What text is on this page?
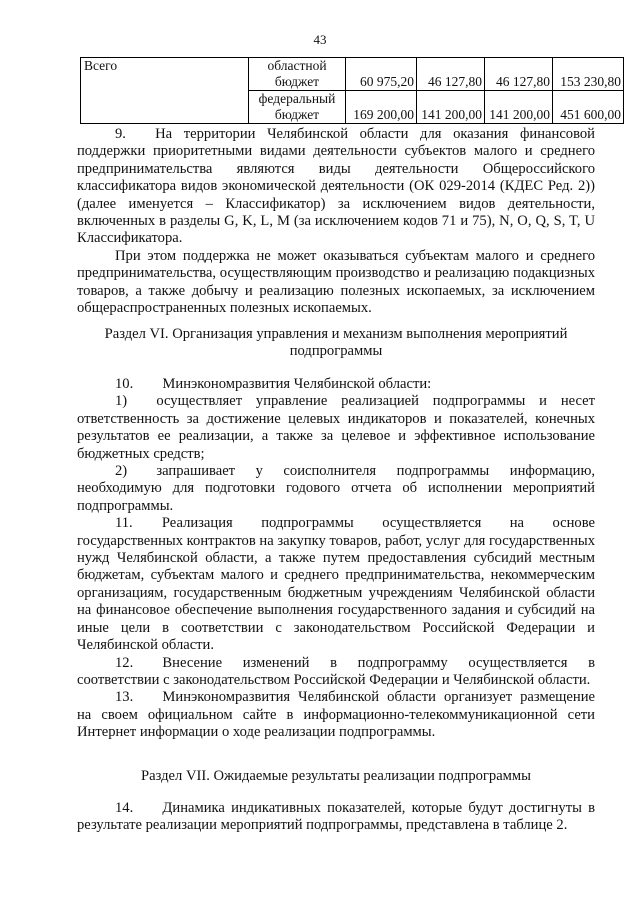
43
Всего	областной бюджет	60 975,20	46 127,80	46 127,80	153 230,80
	федеральный бюджет	169 200,00	141 200,00	141 200,00	451 600,00

9.  На территории Челябинской области для оказания финансовой поддержки приоритетными видами деятельности субъектов малого и среднего предпринимательства являются виды деятельности Общероссийского классификатора видов экономической деятельности (ОК 029-2014 (КДЕС Ред. 2)) (далее именуется – Классификатор) за исключением видов деятельности, включенных в разделы G, K, L, M (за исключением кодов 71 и 75), N, O, Q, S, T, U Классификатора.

При этом поддержка не может оказываться субъектам малого и среднего предпринимательства, осуществляющим производство и реализацию подакцизных товаров, а также добычу и реализацию полезных ископаемых, за исключением общераспространенных полезных ископаемых.

Раздел VI. Организация управления и механизм выполнения мероприятий подпрограммы

10.  Минэкономразвития Челябинской области:

1)  осуществляет управление реализацией подпрограммы и несет ответственность за достижение целевых индикаторов и показателей, конечных результатов ее реализации, а также за целевое и эффективное использование бюджетных средств;

2)  запрашивает у соисполнителя подпрограммы информацию, необходимую для подготовки годового отчета об исполнении мероприятий подпрограммы.

11.  Реализация подпрограммы осуществляется на основе государственных контрактов на закупку товаров, работ, услуг для государственных нужд Челябинской области, а также путем предоставления субсидий местным бюджетам, субъектам малого и среднего предпринимательства, некоммерческим организациям, государственным бюджетным учреждениям Челябинской области на финансовое обеспечение выполнения государственного задания и субсидий на иные цели в соответствии с законодательством Российской Федерации и Челябинской области.

12.  Внесение изменений в подпрограмму осуществляется в соответствии с законодательством Российской Федерации и Челябинской области.

13.  Минэкономразвития Челябинской области организует размещение на своем официальном сайте в информационно-телекоммуникационной сети Интернет информации о ходе реализации подпрограммы.

Раздел VII. Ожидаемые результаты реализации подпрограммы

14.  Динамика индикативных показателей, которые будут достигнуты в результате реализации мероприятий подпрограммы, представлена в таблице 2.
